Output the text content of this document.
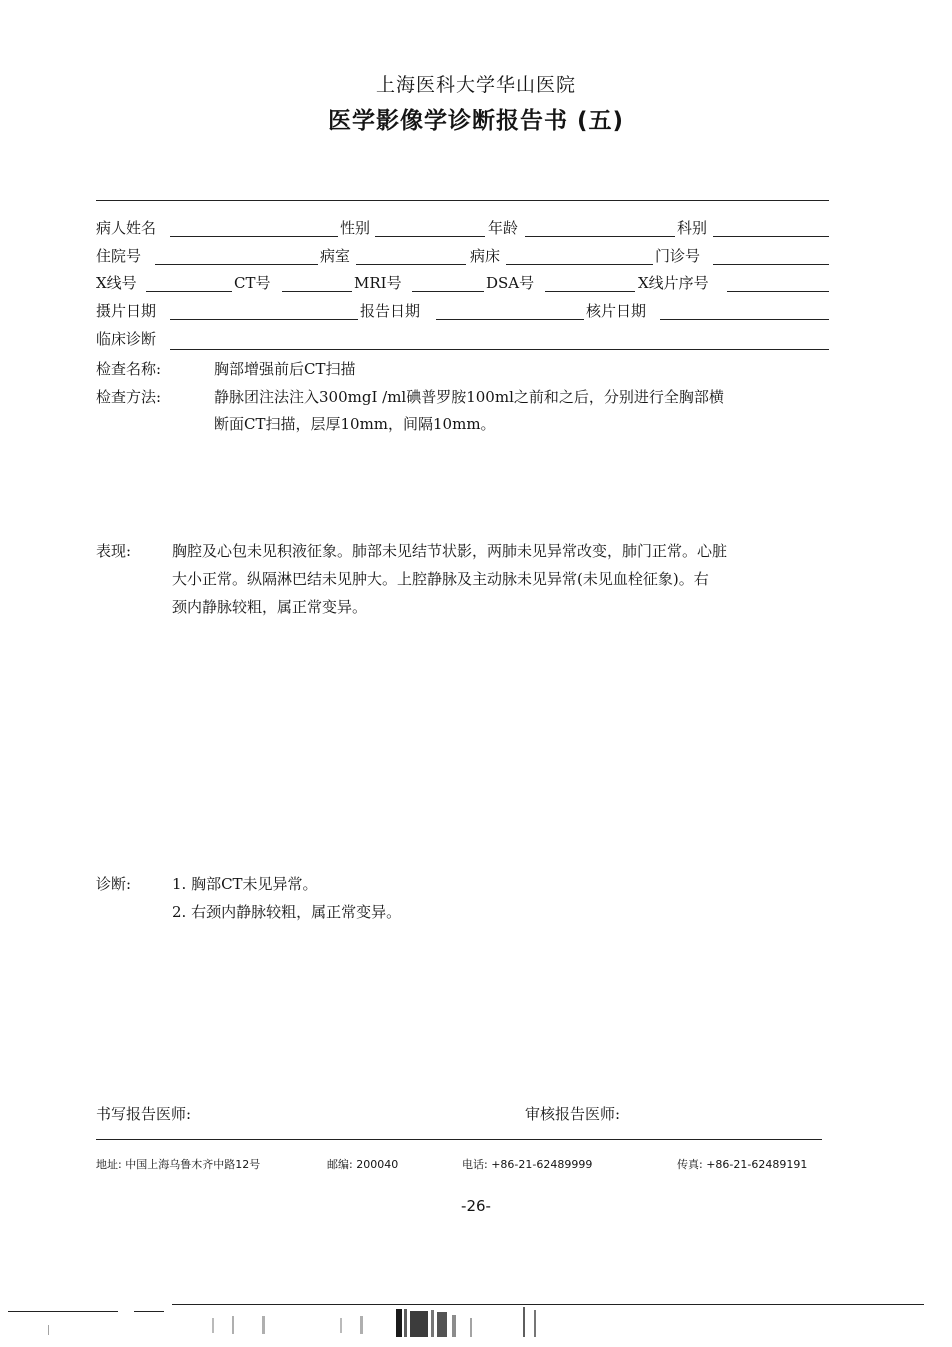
上海医科大学华山医院
医学影像学诊断报告书 (五)
病人姓名	性别	年龄	科别
住院号	病室	病床	门诊号
X线号	CT号	MRI号	DSA号	X线片序号
摄片日期	报告日期	核片日期
临床诊断
检查名称:	胸部增强前后CT扫描
检查方法:	静脉团注法注入300mgI /ml碘普罗胺100ml之前和之后，分别进行全胸部横
断面CT扫描，层厚10mm，间隔10mm。
表现:	胸腔及心包未见积液征象。肺部未见结节状影，两肺未见异常改变，肺门正常。心脏
大小正常。纵隔淋巴结未见肿大。上腔静脉及主动脉未见异常(未见血栓征象)。右
颈内静脉较粗，属正常变异。
诊断:	1. 胸部CT未见异常。
2. 右颈内静脉较粗，属正常变异。
书写报告医师:	审核报告医师:
地址: 中国上海乌鲁木齐中路12号	邮编: 200040	电话: +86-21-62489999	传真: +86-21-62489191
-26-
